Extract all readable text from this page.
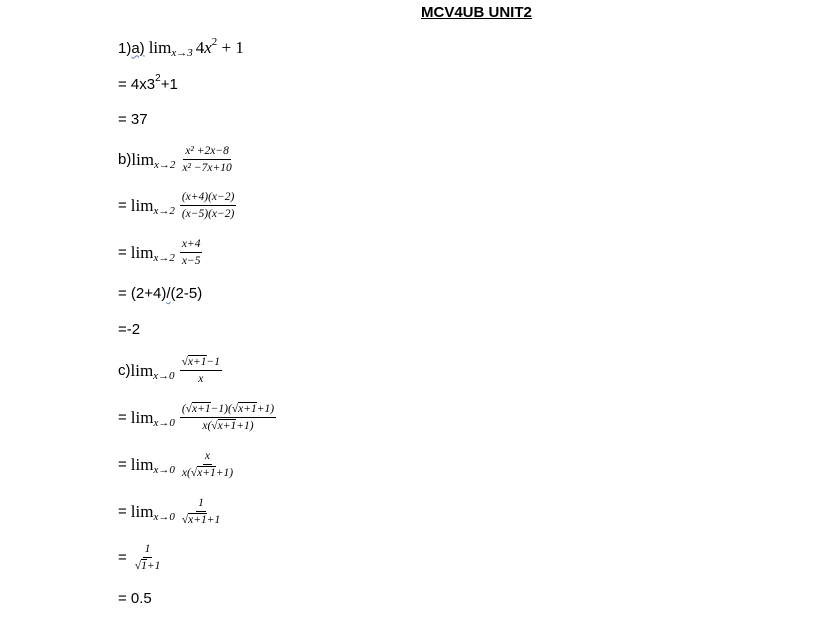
MCV4UB UNIT2
1) a) lim x→3 4 x 2 + 1
= 4x3 2 +1
= 37
b) $\lim x\to 2 \frac{\text{x² +2x−8}}{\text{x² −7x+10}}$
= $\lim x\to 2 \frac{(x+4)(x-2)}{(x-5)(x-2)}$
= $\lim x\to 2 \frac{x+4}{x-5}$
= (2+4) / (2-5)
=-2
c) $\lim x\to 0 \frac{√x+1-1}{x}$
= $\lim x\to 0 \frac{(√x+1-1)(√x+1+1)}{x(√x+1+1)}$
= $\lim x\to 0 \frac{x}{x(√x+1+1)}$
= $\lim x\to 0 \frac{1}{√x+1+1}$
= $\frac{1}{√1+1}$
= 0.5
